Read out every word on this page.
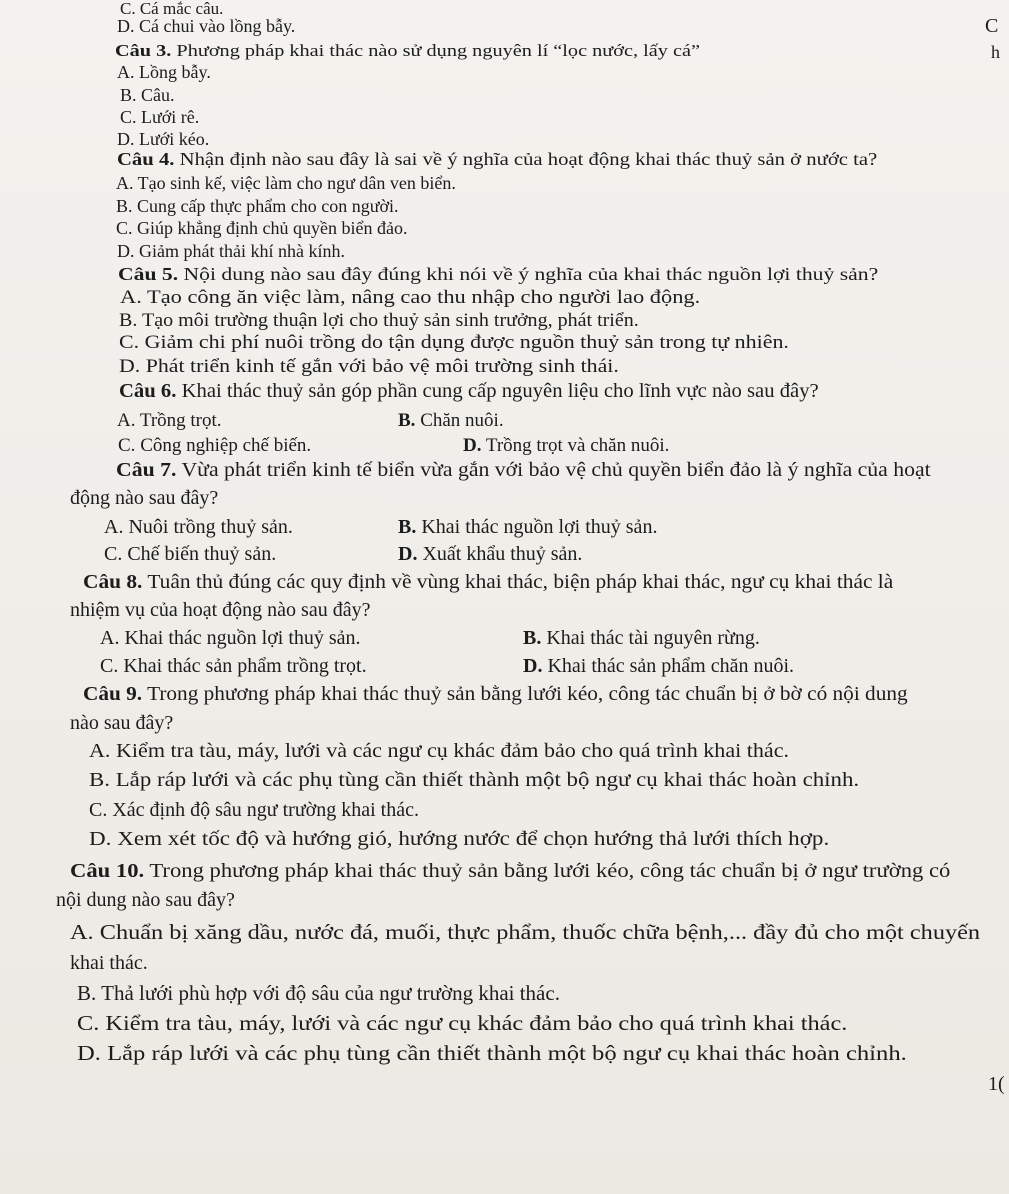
C. Cá mắc câu.
D. Cá chui vào lồng bẫy.
Câu 3. Phương pháp khai thác nào sử dụng nguyên lí “lọc nước, lấy cá”
A. Lồng bẫy.
B. Câu.
C. Lưới rê.
D. Lưới kéo.
Câu 4. Nhận định nào sau đây là sai về ý nghĩa của hoạt động khai thác thuỷ sản ở nước ta?
A. Tạo sinh kế, việc làm cho ngư dân ven biển.
B. Cung cấp thực phẩm cho con người.
C. Giúp khẳng định chủ quyền biển đảo.
D. Giảm phát thải khí nhà kính.
Câu 5. Nội dung nào sau đây đúng khi nói về ý nghĩa của khai thác nguồn lợi thuỷ sản?
A. Tạo công ăn việc làm, nâng cao thu nhập cho người lao động.
B. Tạo môi trường thuận lợi cho thuỷ sản sinh trưởng, phát triển.
C. Giảm chi phí nuôi trồng do tận dụng được nguồn thuỷ sản trong tự nhiên.
D. Phát triển kinh tế gắn với bảo vệ môi trường sinh thái.
Câu 6. Khai thác thuỷ sản góp phần cung cấp nguyên liệu cho lĩnh vực nào sau đây?
A. Trồng trọt.
C. Công nghiệp chế biến.
Câu 7. Vừa phát triển kinh tế biển vừa gắn với bảo vệ chủ quyền biển đảo là ý nghĩa của hoạt
động nào sau đây?
A. Nuôi trồng thuỷ sản.
C. Chế biến thuỷ sản.
Câu 8. Tuân thủ đúng các quy định về vùng khai thác, biện pháp khai thác, ngư cụ khai thác là
nhiệm vụ của hoạt động nào sau đây?
A. Khai thác nguồn lợi thuỷ sản.
C. Khai thác sản phẩm trồng trọt.
Câu 9. Trong phương pháp khai thác thuỷ sản bằng lưới kéo, công tác chuẩn bị ở bờ có nội dung
nào sau đây?
A. Kiểm tra tàu, máy, lưới và các ngư cụ khác đảm bảo cho quá trình khai thác.
B. Lắp ráp lưới và các phụ tùng cần thiết thành một bộ ngư cụ khai thác hoàn chỉnh.
C. Xác định độ sâu ngư trường khai thác.
D. Xem xét tốc độ và hướng gió, hướng nước để chọn hướng thả lưới thích hợp.
Câu 10. Trong phương pháp khai thác thuỷ sản bằng lưới kéo, công tác chuẩn bị ở ngư trường có
nội dung nào sau đây?
A. Chuẩn bị xăng dầu, nước đá, muối, thực phẩm, thuốc chữa bệnh,... đầy đủ cho một chuyến
khai thác.
B. Thả lưới phù hợp với độ sâu của ngư trường khai thác.
C. Kiểm tra tàu, máy, lưới và các ngư cụ khác đảm bảo cho quá trình khai thác.
D. Lắp ráp lưới và các phụ tùng cần thiết thành một bộ ngư cụ khai thác hoàn chỉnh.
B. Chăn nuôi.
D. Trồng trọt và chăn nuôi.
B. Khai thác nguồn lợi thuỷ sản.
D. Xuất khẩu thuỷ sản.
B. Khai thác tài nguyên rừng.
D. Khai thác sản phẩm chăn nuôi.
C
h
1(
